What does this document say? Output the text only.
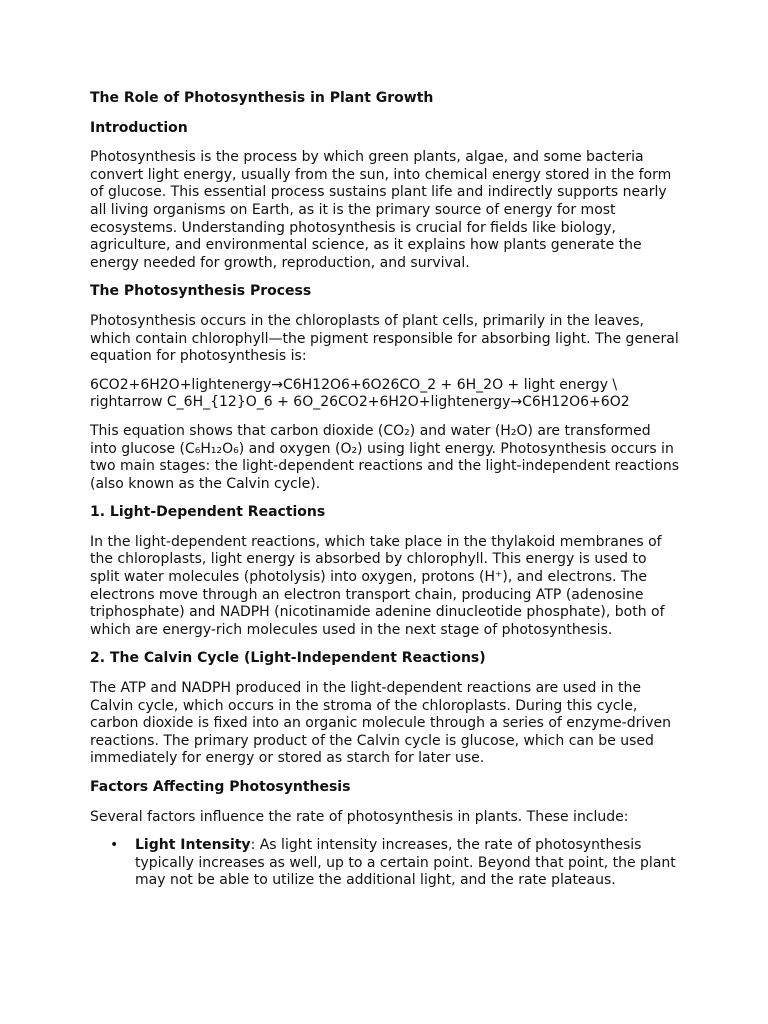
The Role of Photosynthesis in Plant Growth

Introduction

Photosynthesis is the process by which green plants, algae, and some bacteria convert light energy, usually from the sun, into chemical energy stored in the form of glucose. This essential process sustains plant life and indirectly supports nearly all living organisms on Earth, as it is the primary source of energy for most ecosystems. Understanding photosynthesis is crucial for fields like biology, agriculture, and environmental science, as it explains how plants generate the energy needed for growth, reproduction, and survival.

The Photosynthesis Process

Photosynthesis occurs in the chloroplasts of plant cells, primarily in the leaves, which contain chlorophyll—the pigment responsible for absorbing light. The general equation for photosynthesis is:

6CO2+6H2O+lightenergy→C6H12O6+6O26CO_2 + 6H_2O + light energy \ rightarrow C_6H_{12}O_6 + 6O_26CO2+6H2O+lightenergy→C6H12O6+6O2

This equation shows that carbon dioxide (CO₂) and water (H₂O) are transformed into glucose (C₆H₁₂O₆) and oxygen (O₂) using light energy. Photosynthesis occurs in two main stages: the light-dependent reactions and the light-independent reactions (also known as the Calvin cycle).

1. Light-Dependent Reactions

In the light-dependent reactions, which take place in the thylakoid membranes of the chloroplasts, light energy is absorbed by chlorophyll. This energy is used to split water molecules (photolysis) into oxygen, protons (H⁺), and electrons. The electrons move through an electron transport chain, producing ATP (adenosine triphosphate) and NADPH (nicotinamide adenine dinucleotide phosphate), both of which are energy-rich molecules used in the next stage of photosynthesis.

2. The Calvin Cycle (Light-Independent Reactions)

The ATP and NADPH produced in the light-dependent reactions are used in the Calvin cycle, which occurs in the stroma of the chloroplasts. During this cycle, carbon dioxide is fixed into an organic molecule through a series of enzyme-driven reactions. The primary product of the Calvin cycle is glucose, which can be used immediately for energy or stored as starch for later use.

Factors Affecting Photosynthesis

Several factors influence the rate of photosynthesis in plants. These include:

• Light Intensity: As light intensity increases, the rate of photosynthesis typically increases as well, up to a certain point. Beyond that point, the plant may not be able to utilize the additional light, and the rate plateaus.
